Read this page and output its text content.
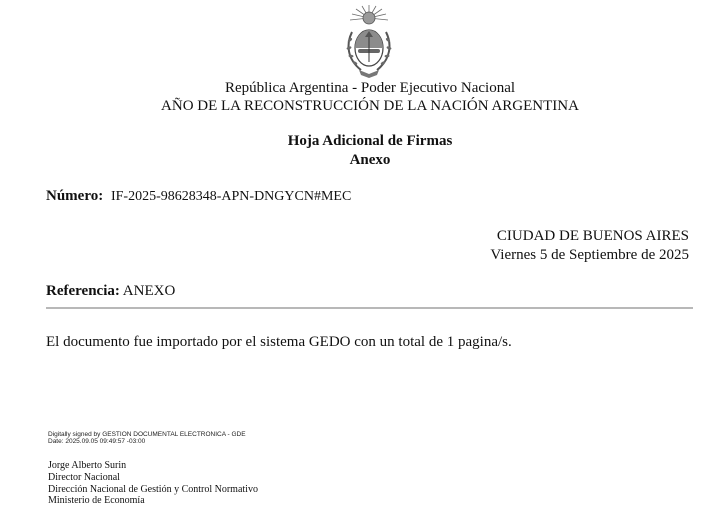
República Argentina - Poder Ejecutivo Nacional
AÑO DE LA RECONSTRUCCIÓN DE LA NACIÓN ARGENTINA
Hoja Adicional de Firmas
Anexo
Número: IF-2025-98628348-APN-DNGYCN#MEC
CIUDAD DE BUENOS AIRES
Viernes 5 de Septiembre de 2025
Referencia: ANEXO
El documento fue importado por el sistema GEDO con un total de 1 pagina/s.
Digitally signed by GESTION DOCUMENTAL ELECTRONICA - GDE
Date: 2025.09.05 09:49:57 -03:00
Jorge Alberto Surin
Director Nacional
Dirección Nacional de Gestión y Control Normativo
Ministerio de Economía
